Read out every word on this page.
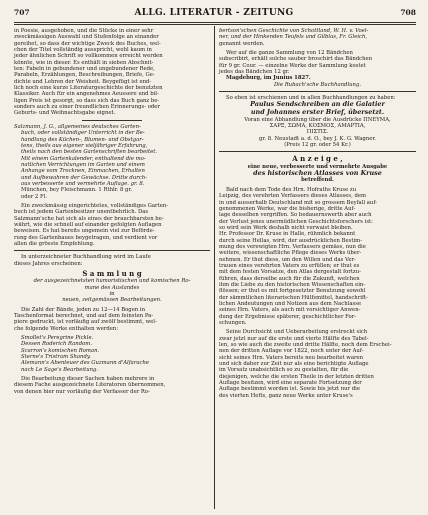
707	ALLG. LITERATUR - ZEITUNG	708

in Poesie, ausgehoben, und die Stücke in einer sehr

zweckmässigen Auswahl und Stufenfolge an einander

gereihet, so dass der wichtige Zweck des Buches, wel-

chen der Titel vollständig ausspricht, wohl kaum in

jeder ähnlichen Schrift so vollkommen erreicht werden

könnte, wie in dieser. Es enthält in sieben Abschnit-

ten: Fabeln in gebundener und ungebundener Rede,

Parabeln, Erzählungen, Beschreibungen, Briefe, Ge-

dichte und Lehren der Weisheit. Beygefügt ist end-

lich noch eine kurze Literaturgeschichte der benutzten

Klassiker. Auch für ein angenehmes Aeussere und bil-

ligen Preis ist gesorgt, so dass sich das Buch ganz be-

sonders auch zu einer freundlichen Erinnerungs- oder

Geburts- und Weihnachtsgabe eignet.

Salzmann, J. G., allgemeines deutsches Garten-

buch, oder vollständiger Unterricht in der Be-

handlung des Küchen-, Blumen- und Obstgar-

tens, theils aus eigener vieljähriger Erfahrung,

theils nach den besten Gartenschriften bearbeitet.

Mit einem Gartenkalender, enthaltend die mo-

natlichen Verrichtungen im Garten und einem

Anhange vom Trocknen, Einmachen, Erhalten

und Aufbewahren der Gewächse. Dritte durch-

aus verbesserte und vermehrte Auflage. gr. 8.

München, bey Fleischmann. 1 Rthlr. 8 gr.

oder 2 Fl.

Ein zweckmässig eingerichtetes, vollständiges Garten-

buch ist jedem Gartenbesitzer unentbehrlich. Das

Salzmann'sche hat sich als eines der brauchbarsten be-

währt, wie die schnell auf einander gefolgten Auflagen

beweisen. Es hat bereits ungemein viel zur Beförde-

rung des Gartenbaues beygetragen, und verdient vor

allen die grösste Empfehlung.

In unterzeichneter Buchhandlung wird im Laufe

dieses Jahres erscheinen:

S a m m l u n g

der ausgezeichnetsten humoristischen und komischen Ro-

mane des Auslandes

in

neuen, zeitgemässen Bearbeitungen.

Die Zahl der Bände, jeden zu 12—14 Bogen in

Taschenformat berechnet, und auf dem feinsten Pa-

piere gedruckt, ist vorläufig auf zwölf bestimmt, wel-

che folgende Werke enthalten werden:

Smollet's Peregrine Pickle.

Dessen Roderich Random.

Scarron's komischen Roman.

Sterne's Tristram Shandy.

Alemann's Abenteuer des Guzmann d'Alfarache

nach Le Sage's Bearbeitung.

Die Bearbeitung dieser Sachen haben mehrere in

diesem Fache ausgezeichnete Literatoren übernommen,

von denen hier nur vorläufig der Verfasser der Ro-

bertson'schen Geschichte von Schottland, W. H. v. Voel-

ner, und der Hinkenden Teufels und Gilblas, Fr. Gleich,

genannt werden.

Wer auf die ganze Sammlung von 12 Bändchen

subscribirt, erhält solche sauber broschirt das Bändchen

für 9 gr. Cour. — einzelne Werke der Sammlung kostet

jedes das Bändchen 12 gr.

Magdeburg, im Junius 1827.

Die Rubach'sche Buchhandlung.

So eben ist erschienen und in allen Buchhandlungen zu haben:

Paulus Sendschreiben an die Galatier

und Johannes erster Brief, übersetzt.

Voran eine Abhandlung über die Ausdrücke ΠΝΕΥΜΑ,

ΣΑΡΞ, ΣΩΜΑ, ΚΟΣΜΟΣ, ΑΜΑΡΤΙΑ,

ΠΙΣΤΙΣ.

gr. 8. Neustadt a. d. O., bey J. K. G. Wagner.

(Preis 12 gr. oder 54 Kr.)

A n z e i g e ,

eine neue, verbesserte und vermehrte Ausgabe

des historischen Atlasses von Kruse

betreffend.

Bald nach dem Tode des Hrn. Hofraths Kruse zu

Leipzig, des verehrten Verfassers dieses Atlasses, dem

in und ausserhalb Deutschland mit so grossem Beyfall auf-

genommenen Werke, war die bisherige, dritte Auf-

lage desselben vergriffen. So bedauernswerth aber auch

der Verlust jenes unermüdlichen Geschichtsforschers ist:

so wird sein Werk deshalb nicht verwaist bleiben.

Hr. Professor Dr. Kruse in Halle, rühmlich bekannt

durch seine Hellas, wird, der ausdrücklichen Bestim-

mung des verewigten Hrn. Verfassers gemäss, nun die

weitere, wissenschaftliche Pflege dieses Werks über-

nehmen. Er thut diess, um den Willen und das Ver-

trauen eines verehrten Vaters zu erfüllen; er thut es

mit dem festen Vorsatze, den Atlas dergestalt fortzu-

führen, dass derselbe auch für die Zukunft, welchen

ihm die Liebe zu den historischen Wissenschaften ein-

flössen; er thut es mit fortgesetzter Benutzung sowohl

der sämmtlichen literarischen Hülfsmittel, handschrift-

lichen Andeutungen und Notizen aus dem Nachlasse

seines Hrn. Vaters, als auch mit vorsichtiger Anwen-

dung der Ergebnisse späterer, geschichtlicher For-

schungen.

Seine Durchsicht und Ueberarbeitung erstreckt sich

zwar jetzt nur auf die erste und vierte Hälfte des Tabel-

len, so wie auch die zweite und dritte Hälfte, noch dem Erschei-

nen der dritten Auflage vor 1822, noch unter der Auf-

sicht seines Hrn. Vaters bereits neu bearbeitet waren

und sich daher zur Zeit nur als eine berichtigte Auflage

im Vorsatz unabsichtlich so zu gestalten, für die

diejenigen, welche die ersten Theile in der letzten dritten

Auflage besitzen, wird eine separate Fortsetzung der

Auflage bestimmt worden ist. Sowie bis jetzt nur die

des vierten Hefts, ganz neue Werke unter Kruse's
